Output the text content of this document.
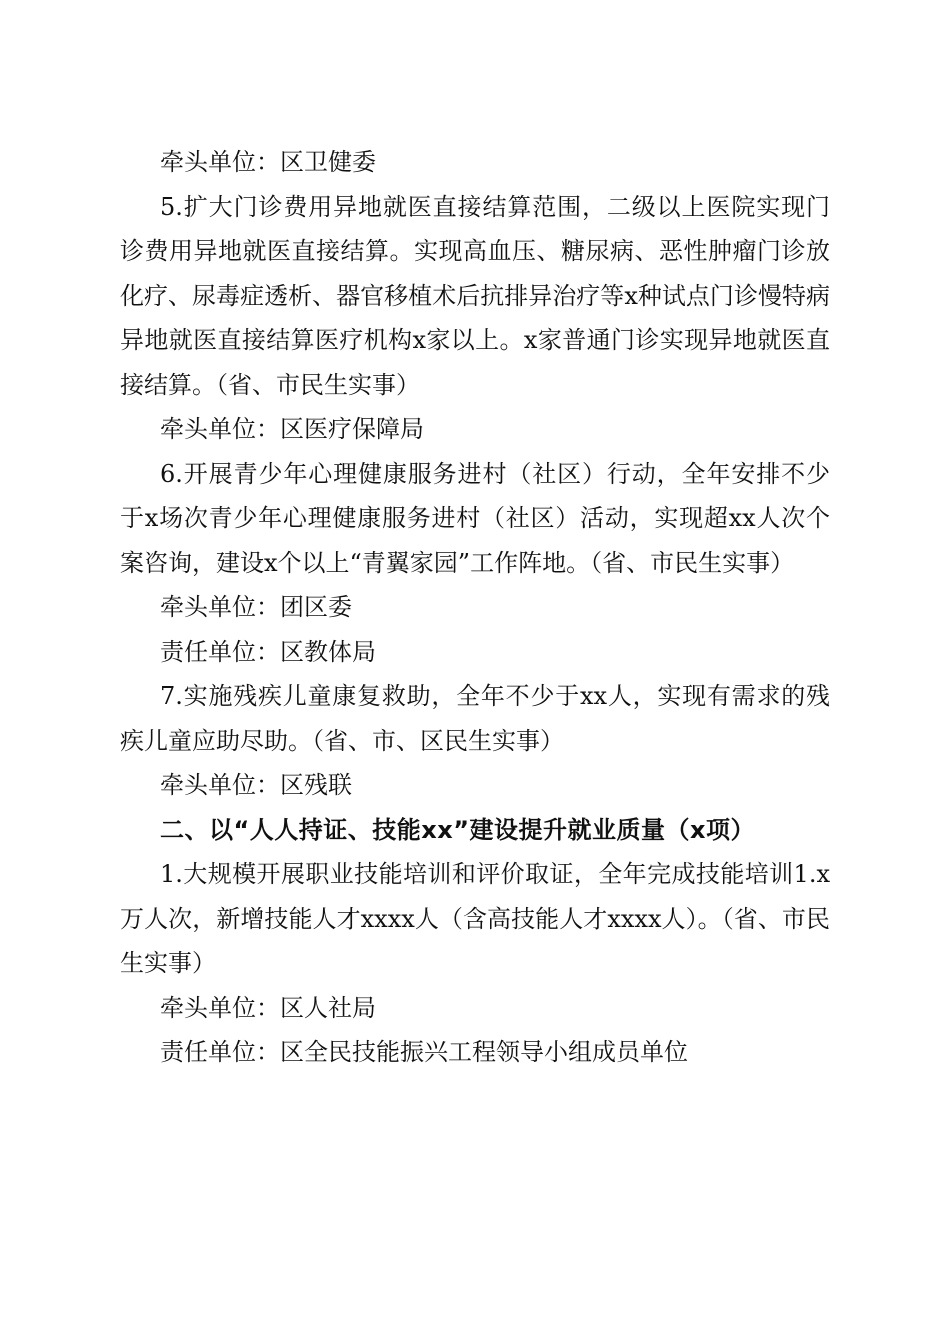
牵头单位：区卫健委

5.扩大门诊费用异地就医直接结算范围，二级以上医院实现门诊费用异地就医直接结算。实现高血压、糖尿病、恶性肿瘤门诊放化疗、尿毒症透析、器官移植术后抗排异治疗等x种试点门诊慢特病异地就医直接结算医疗机构x家以上。x家普通门诊实现异地就医直接结算。（省、市民生实事）

牵头单位：区医疗保障局

6.开展青少年心理健康服务进村（社区）行动，全年安排不少于x场次青少年心理健康服务进村（社区）活动，实现超xx人次个案咨询，建设x个以上“青翼家园”工作阵地。（省、市民生实事）

牵头单位：团区委

责任单位：区教体局

7.实施残疾儿童康复救助，全年不少于xx人，实现有需求的残疾儿童应助尽助。（省、市、区民生实事）

牵头单位：区残联

二、以“人人持证、技能xx”建设提升就业质量（x项）

1.大规模开展职业技能培训和评价取证，全年完成技能培训1.x万人次，新增技能人才xxxx人（含高技能人才xxxx人）。（省、市民生实事）

牵头单位：区人社局

责任单位：区全民技能振兴工程领导小组成员单位
